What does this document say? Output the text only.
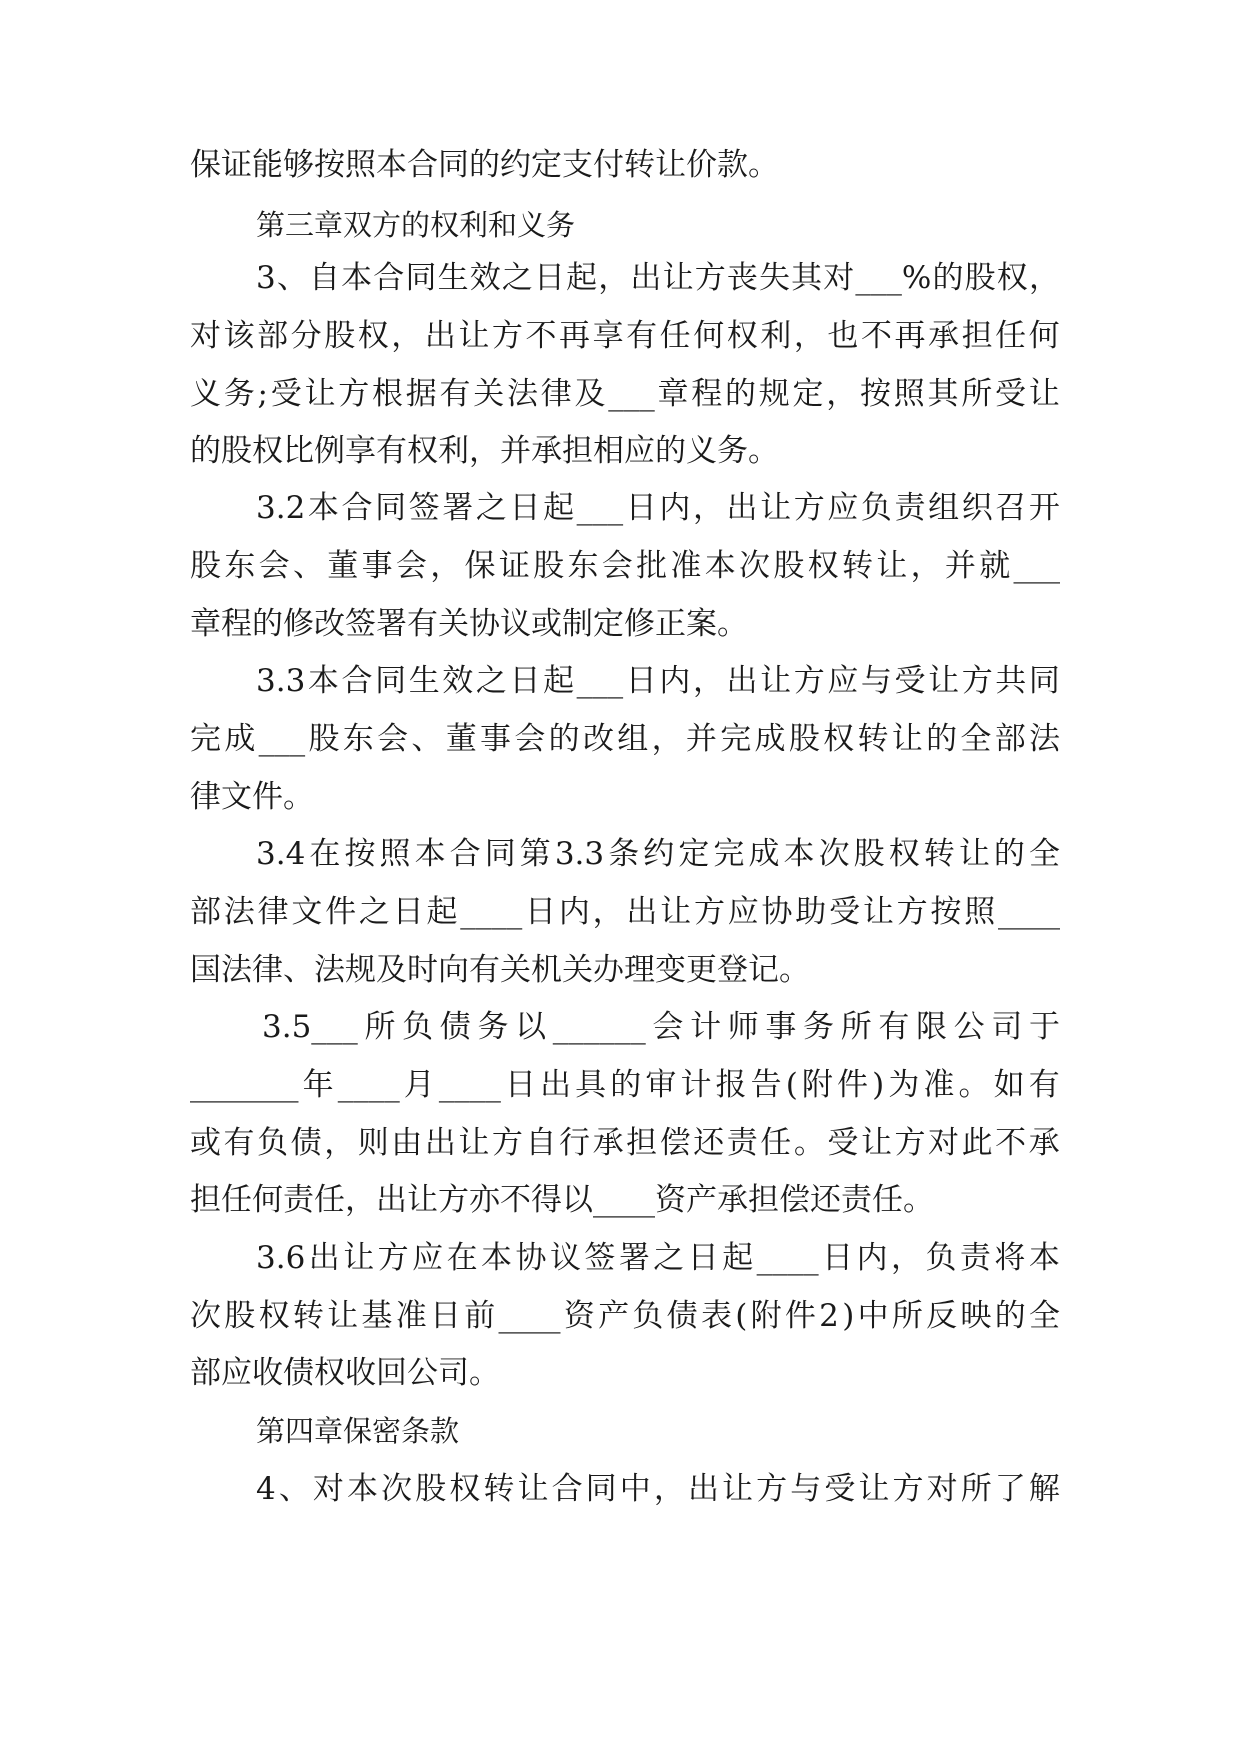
保证能够按照本合同的约定支付转让价款。
第三章双方的权利和义务
3 、 自 本 合 同 生 效 之 日 起 ， 出 让 方 丧 失 其 对 ___% 的 股 权 ，
对 该 部 分 股 权 ， 出 让 方 不 再 享 有 任 何 权 利 ， 也 不 再 承 担 任 何
义 务 ; 受 让 方 根 据 有 关 法 律 及 ___ 章 程 的 规 定 ， 按 照 其 所 受 让
的股权比例享有权利，并承担相应的义务。
3.2 本 合 同 签 署 之 日 起 ___ 日 内 ， 出 让 方 应 负 责 组 织 召 开
股 东 会 、 董 事 会 ， 保 证 股 东 会 批 准 本 次 股 权 转 让 ， 并 就 ___
章程的修改签署有关协议或制定修正案。
3.3 本 合 同 生 效 之 日 起 ___ 日 内 ， 出 让 方 应 与 受 让 方 共 同
完 成 ___ 股 东 会 、 董 事 会 的 改 组 ， 并 完 成 股 权 转 让 的 全 部 法
律文件。
3.4 在 按 照 本 合 同 第 3.3 条 约 定 完 成 本 次 股 权 转 让 的 全
部 法 律 文 件 之 日 起 ____ 日 内 ， 出 让 方 应 协 助 受 让 方 按 照 ____
国法律、法规及时向有关机关办理变更登记。
3.5___ 所 负 债 务 以 ______ 会 计 师 事 务 所 有 限 公 司 于
_______ 年 ____ 月 ____ 日 出 具 的 审 计 报 告 ( 附 件 ) 为 准 。 如 有
或 有 负 债 ， 则 由 出 让 方 自 行 承 担 偿 还 责 任 。 受 让 方 对 此 不 承
担任何责任，出让方亦不得以____资产承担偿还责任。
3.6 出 让 方 应 在 本 协 议 签 署 之 日 起 ____ 日 内 ， 负 责 将 本
次 股 权 转 让 基 准 日 前 ____ 资 产 负 债 表 ( 附 件 2 ) 中 所 反 映 的 全
部应收债权收回公司。
第四章保密条款
4 、 对 本 次 股 权 转 让 合 同 中 ， 出 让 方 与 受 让 方 对 所 了 解
